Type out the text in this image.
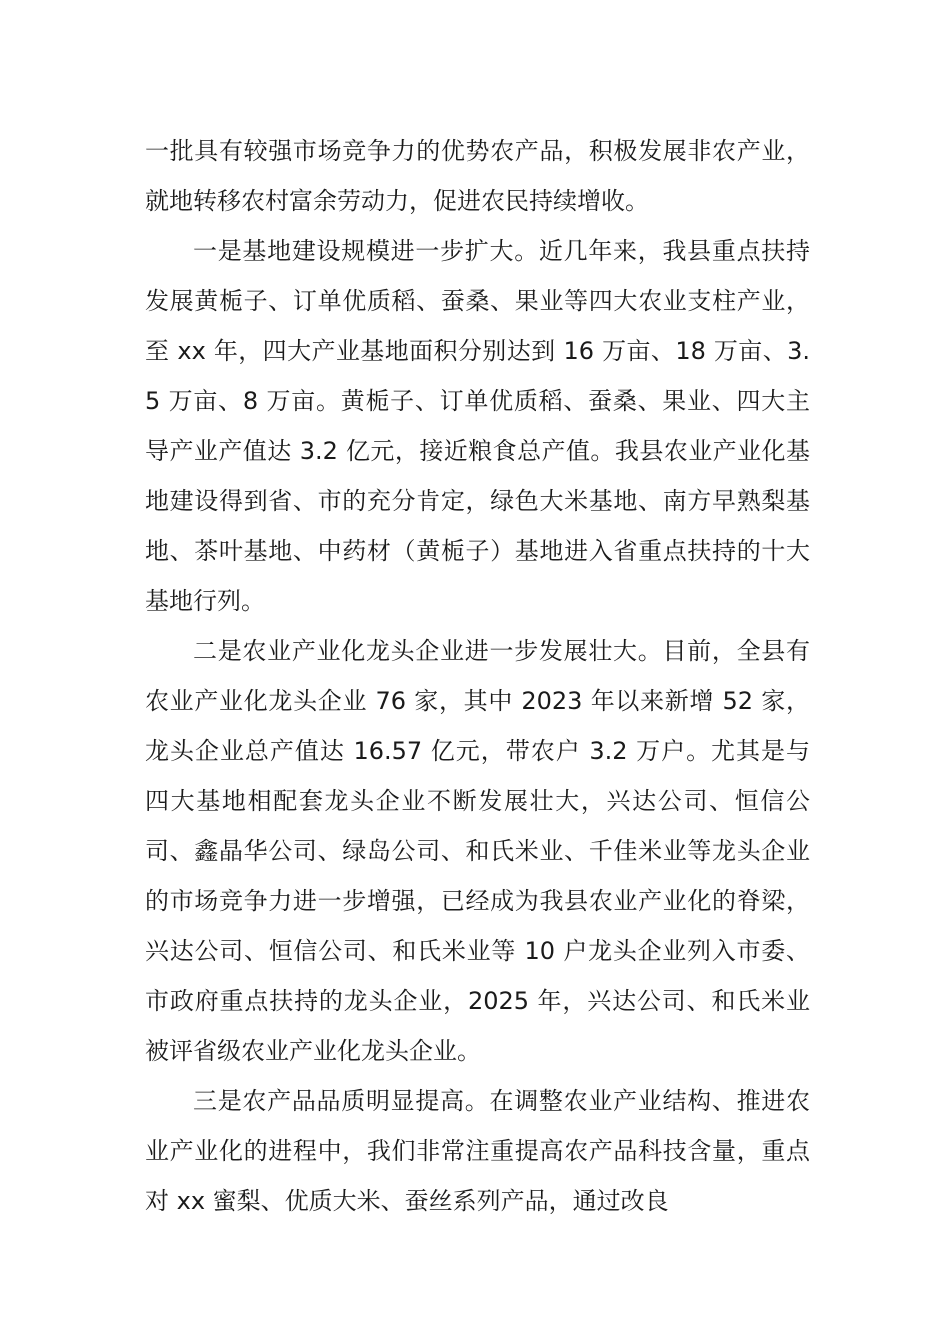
一批具有较强市场竞争力的优势农产品，积极发展非农产业，就地转移农村富余劳动力，促进农民持续增收。

一是基地建设规模进一步扩大。近几年来，我县重点扶持发展黄栀子、订单优质稻、蚕桑、果业等四大农业支柱产业，至 xx 年，四大产业基地面积分别达到 16 万亩、18 万亩、3.5 万亩、8 万亩。黄栀子、订单优质稻、蚕桑、果业、四大主导产业产值达 3.2 亿元，接近粮食总产值。我县农业产业化基地建设得到省、市的充分肯定，绿色大米基地、南方早熟梨基地、茶叶基地、中药材（黄栀子）基地进入省重点扶持的十大基地行列。

二是农业产业化龙头企业进一步发展壮大。目前，全县有农业产业化龙头企业 76 家，其中 2023 年以来新增 52 家，龙头企业总产值达 16.57 亿元，带农户 3.2 万户。尤其是与四大基地相配套龙头企业不断发展壮大，兴达公司、恒信公司、鑫晶华公司、绿岛公司、和氏米业、千佳米业等龙头企业的市场竞争力进一步增强，已经成为我县农业产业化的脊梁，兴达公司、恒信公司、和氏米业等 10 户龙头企业列入市委、市政府重点扶持的龙头企业，2025 年，兴达公司、和氏米业被评省级农业产业化龙头企业。

三是农产品品质明显提高。在调整农业产业结构、推进农业产业化的进程中，我们非常注重提高农产品科技含量，重点对 xx 蜜梨、优质大米、蚕丝系列产品，通过改良
